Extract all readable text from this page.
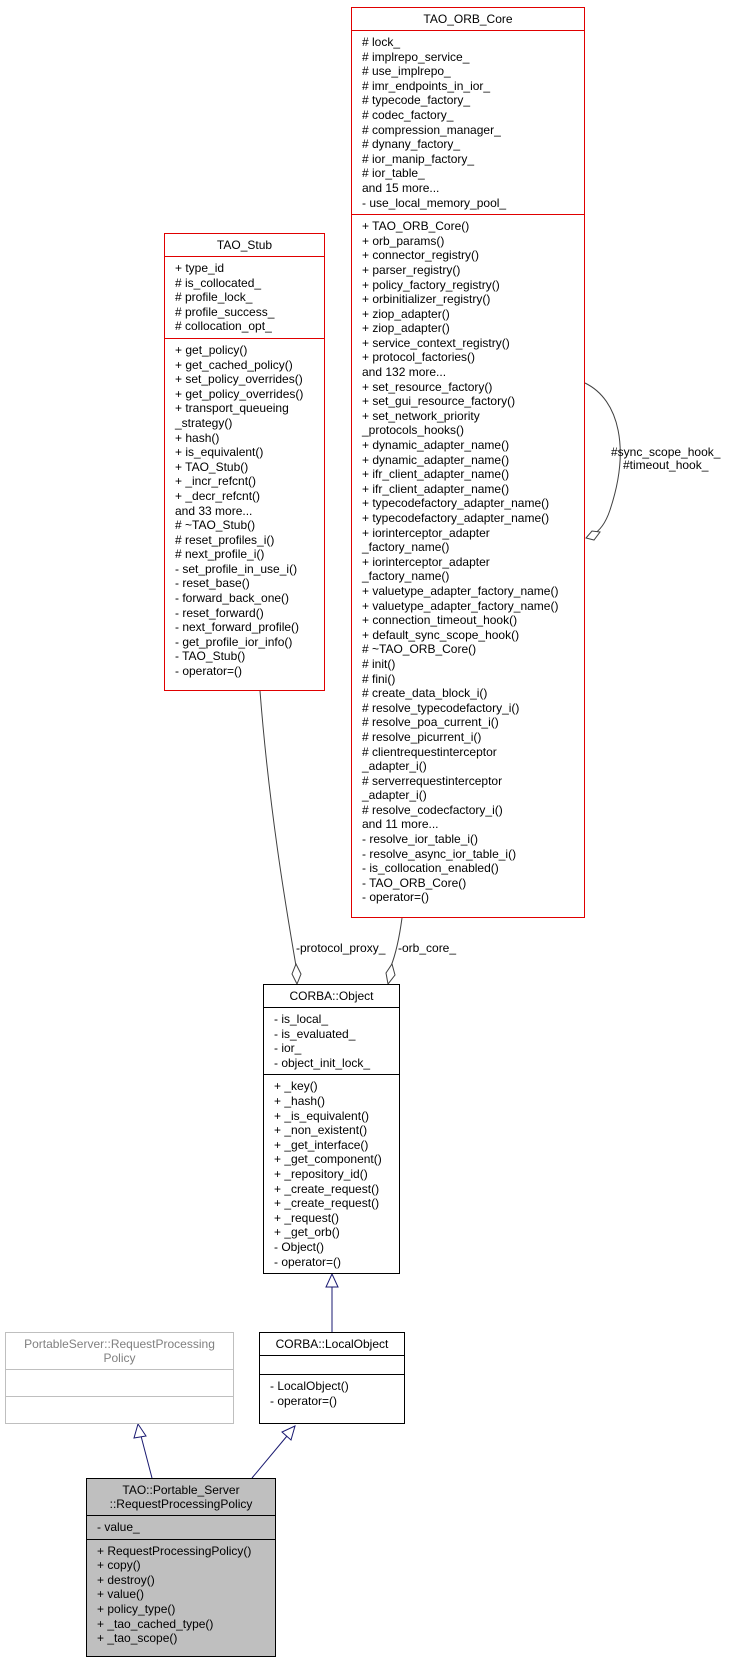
TAO_ORB_Core
# lock_
# implrepo_service_
# use_implrepo_
# imr_endpoints_in_ior_
# typecode_factory_
# codec_factory_
# compression_manager_
# dynany_factory_
# ior_manip_factory_
# ior_table_
and 15 more...
- use_local_memory_pool_
+ TAO_ORB_Core()
+ orb_params()
+ connector_registry()
+ parser_registry()
+ policy_factory_registry()
+ orbinitializer_registry()
+ ziop_adapter()
+ ziop_adapter()
+ service_context_registry()
+ protocol_factories()
and 132 more...
+ set_resource_factory()
+ set_gui_resource_factory()
+ set_network_priority
_protocols_hooks()
+ dynamic_adapter_name()
+ dynamic_adapter_name()
+ ifr_client_adapter_name()
+ ifr_client_adapter_name()
+ typecodefactory_adapter_name()
+ typecodefactory_adapter_name()
+ iorinterceptor_adapter
_factory_name()
+ iorinterceptor_adapter
_factory_name()
+ valuetype_adapter_factory_name()
+ valuetype_adapter_factory_name()
+ connection_timeout_hook()
+ default_sync_scope_hook()
# ~TAO_ORB_Core()
# init()
# fini()
# create_data_block_i()
# resolve_typecodefactory_i()
# resolve_poa_current_i()
# resolve_picurrent_i()
# clientrequestinterceptor
_adapter_i()
# serverrequestinterceptor
_adapter_i()
# resolve_codecfactory_i()
and 11 more...
- resolve_ior_table_i()
- resolve_async_ior_table_i()
- is_collocation_enabled()
- TAO_ORB_Core()
- operator=()
TAO_Stub
+ type_id
# is_collocated_
# profile_lock_
# profile_success_
# collocation_opt_
+ get_policy()
+ get_cached_policy()
+ set_policy_overrides()
+ get_policy_overrides()
+ transport_queueing
_strategy()
+ hash()
+ is_equivalent()
+ TAO_Stub()
+ _incr_refcnt()
+ _decr_refcnt()
and 33 more...
# ~TAO_Stub()
# reset_profiles_i()
# next_profile_i()
- set_profile_in_use_i()
- reset_base()
- forward_back_one()
- reset_forward()
- next_forward_profile()
- get_profile_ior_info()
- TAO_Stub()
- operator=()
CORBA::Object
- is_local_
- is_evaluated_
- ior_
- object_init_lock_
+ _key()
+ _hash()
+ _is_equivalent()
+ _non_existent()
+ _get_interface()
+ _get_component()
+ _repository_id()
+ _create_request()
+ _create_request()
+ _request()
+ _get_orb()
- Object()
- operator=()
CORBA::LocalObject
- LocalObject()
- operator=()
PortableServer::RequestProcessing
Policy
TAO::Portable_Server
::RequestProcessingPolicy
- value_
+ RequestProcessingPolicy()
+ copy()
+ destroy()
+ value()
+ policy_type()
+ _tao_cached_type()
+ _tao_scope()
-protocol_proxy_ -orb_core_
#sync_scope_hook_
#timeout_hook_
